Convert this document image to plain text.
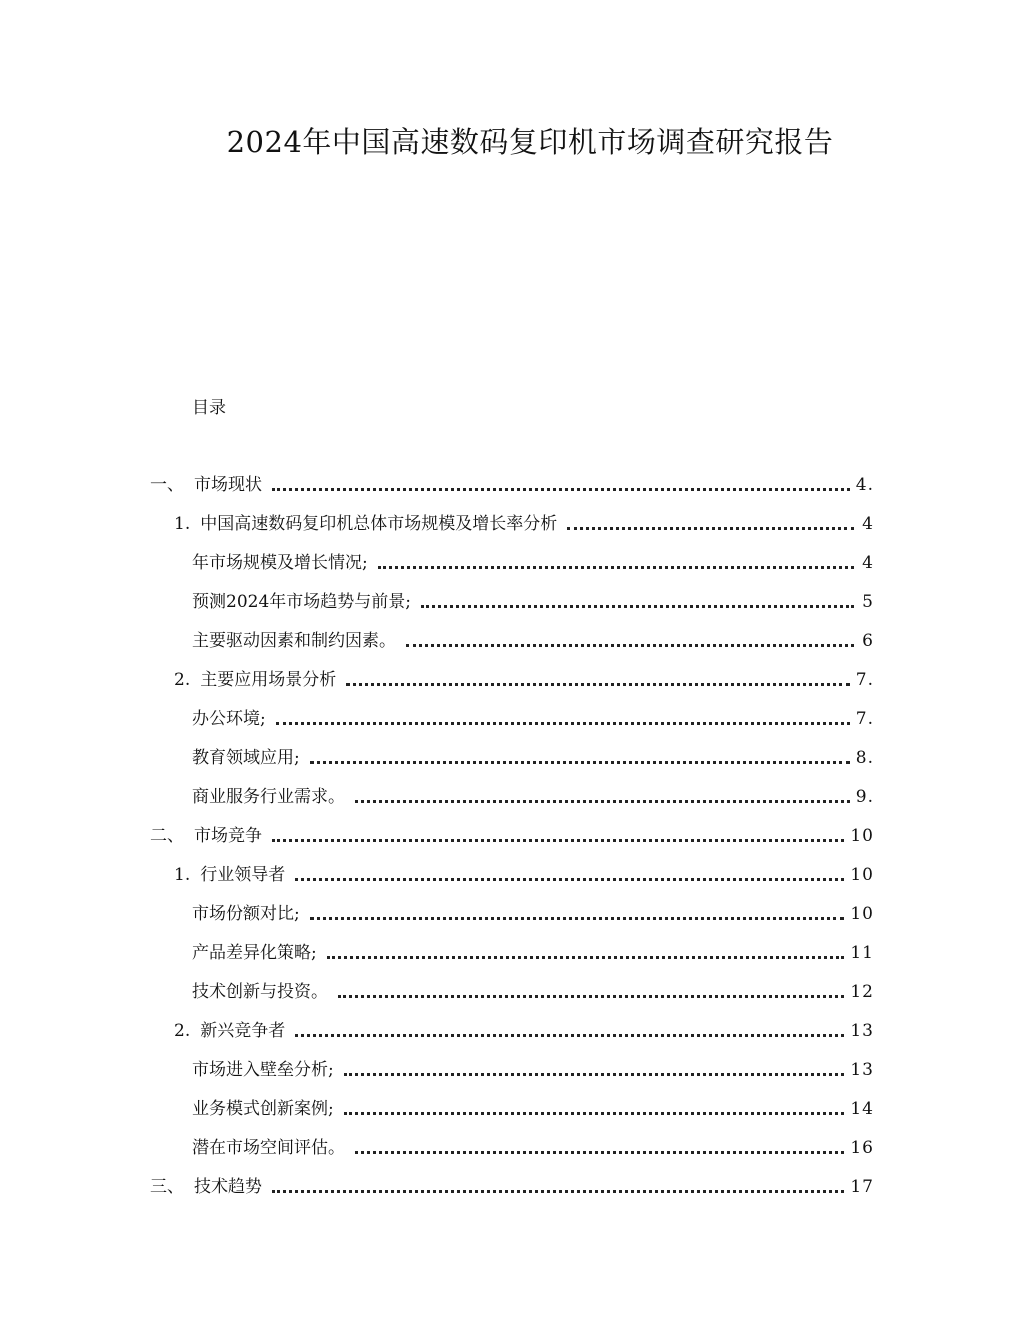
2024年中国高速数码复印机市场调查研究报告
目录
一、 市场现状	4.
1. 中国高速数码复印机总体市场规模及增长率分析	4
年市场规模及增长情况;	4
预测2024年市场趋势与前景;	5
主要驱动因素和制约因素。	6
2. 主要应用场景分析	7.
办公环境;	7.
教育领域应用;	8.
商业服务行业需求。	9.
二、 市场竞争	10
1. 行业领导者	10
市场份额对比;	10
产品差异化策略;	11
技术创新与投资。	12
2. 新兴竞争者	13
市场进入壁垒分析;	13
业务模式创新案例;	14
潜在市场空间评估。	16
三、 技术趋势	17
